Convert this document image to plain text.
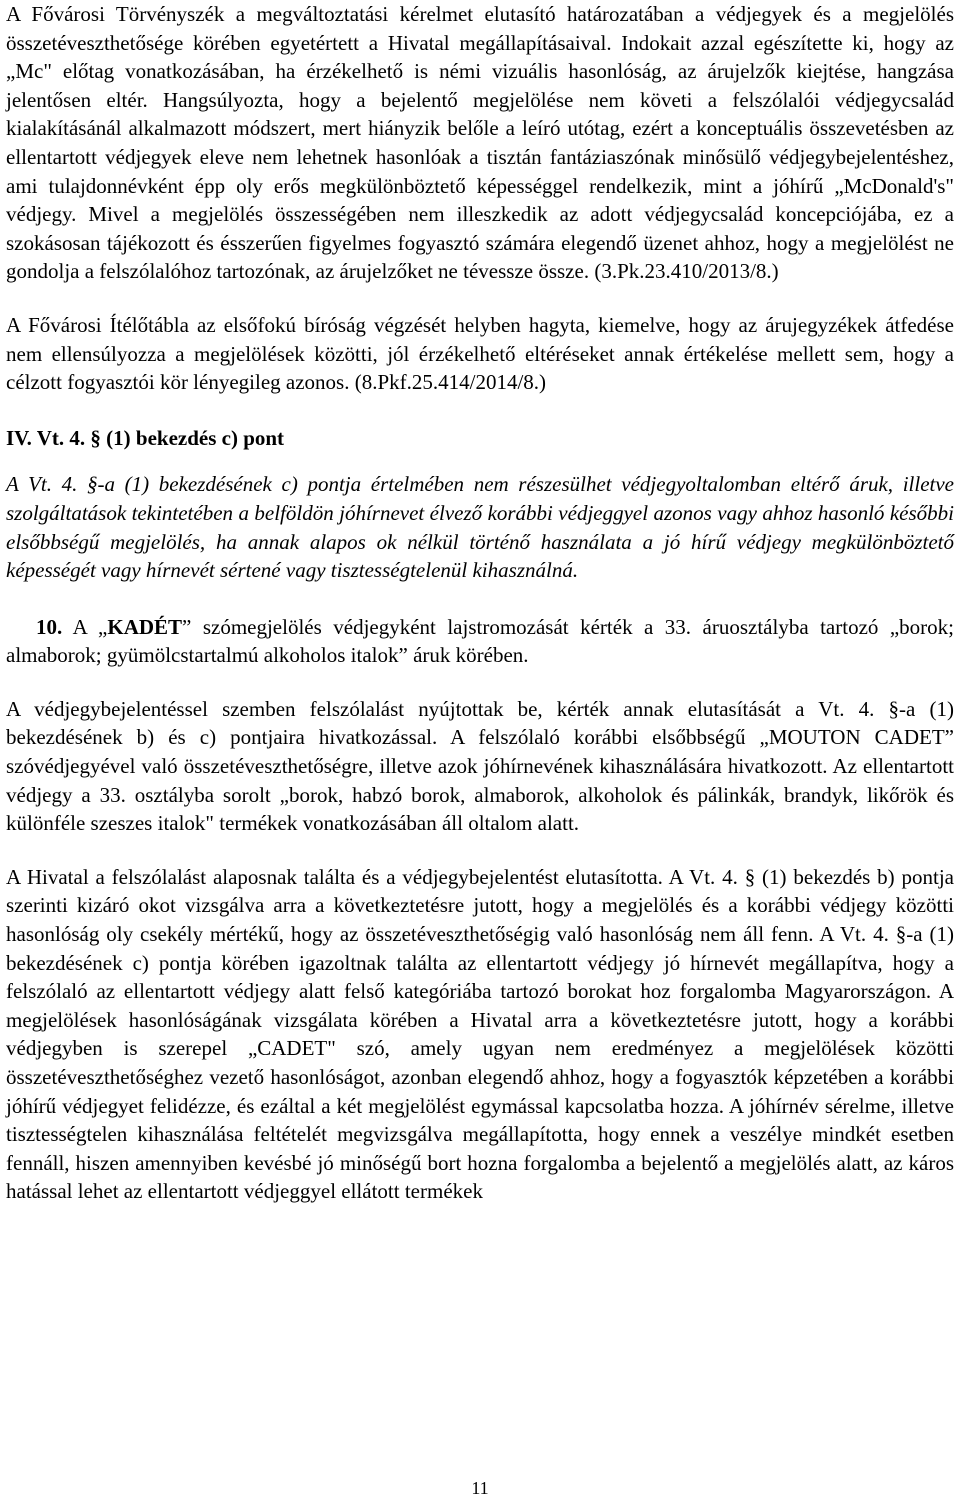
A Fővárosi Törvényszék a megváltoztatási kérelmet elutasító határozatában a védjegyek és a megjelölés összetéveszthetősége körében egyetértett a Hivatal megállapításaival. Indokait azzal egészítette ki, hogy az „Mc" előtag vonatkozásában, ha érzékelhető is némi vizuális hasonlóság, az árujelzők kiejtése, hangzása jelentősen eltér. Hangsúlyozta, hogy a bejelentő megjelölése nem követi a felszólalói védjegycsalád kialakításánál alkalmazott módszert, mert hiányzik belőle a leíró utótag, ezért a konceptuális összevetésben az ellentartott védjegyek eleve nem lehetnek hasonlóak a tisztán fantáziaszónak minősülő védjegybejelentéshez, ami tulajdonnévként épp oly erős megkülönböztető képességgel rendelkezik, mint a jóhírű „McDonald's" védjegy. Mivel a megjelölés összességében nem illeszkedik az adott védjegycsalád koncepciójába, ez a szokásosan tájékozott és ésszerűen figyelmes fogyasztó számára elegendő üzenet ahhoz, hogy a megjelölést ne gondolja a felszólalóhoz tartozónak, az árujelzőket ne tévessze össze. (3.Pk.23.410/2013/8.)

A Fővárosi Ítélőtábla az elsőfokú bíróság végzését helyben hagyta, kiemelve, hogy az árujegyzékek átfedése nem ellensúlyozza a megjelölések közötti, jól érzékelhető eltéréseket annak értékelése mellett sem, hogy a célzott fogyasztói kör lényegileg azonos. (8.Pkf.25.414/2014/8.)

IV. Vt. 4. § (1) bekezdés c) pont

A Vt. 4. §-a (1) bekezdésének c) pontja értelmében nem részesülhet védjegyoltalomban eltérő áruk, illetve szolgáltatások tekintetében a belföldön jóhírnevet élvező korábbi védjeggyel azonos vagy ahhoz hasonló későbbi elsőbbségű megjelölés, ha annak alapos ok nélkül történő használata a jó hírű védjegy megkülönböztető képességét vagy hírnevét sértené vagy tisztességtelenül kihasználná.

10. A „KADÉT” szómegjelölés védjegyként lajstromozását kérték a 33. áruosztályba tartozó „borok; almaborok; gyümölcstartalmú alkoholos italok” áruk körében.

A védjegybejelentéssel szemben felszólalást nyújtottak be, kérték annak elutasítását a Vt. 4. §-a (1) bekezdésének b) és c) pontjaira hivatkozással. A felszólaló korábbi elsőbbségű „MOUTON CADET” szóvédjegyével való összetéveszthetőségre, illetve azok jóhírnevének kihasználására hivatkozott. Az ellentartott védjegy a 33. osztályba sorolt „borok, habzó borok, almaborok, alkoholok és pálinkák, brandyk, likőrök és különféle szeszes italok" termékek vonatkozásában áll oltalom alatt.

A Hivatal a felszólalást alaposnak találta és a védjegybejelentést elutasította. A Vt. 4. § (1) bekezdés b) pontja szerinti kizáró okot vizsgálva arra a következtetésre jutott, hogy a megjelölés és a korábbi védjegy közötti hasonlóság oly csekély mértékű, hogy az összetéveszthetőségig való hasonlóság nem áll fenn. A Vt. 4. §-a (1) bekezdésének c) pontja körében igazoltnak találta az ellentartott védjegy jó hírnevét megállapítva, hogy a felszólaló az ellentartott védjegy alatt felső kategóriába tartozó borokat hoz forgalomba Magyarországon. A megjelölések hasonlóságának vizsgálata körében a Hivatal arra a következtetésre jutott, hogy a korábbi védjegyben is szerepel „CADET" szó, amely ugyan nem eredményez a megjelölések közötti összetéveszthetőséghez vezető hasonlóságot, azonban elegendő ahhoz, hogy a fogyasztók képzetében a korábbi jóhírű védjegyet felidézze, és ezáltal a két megjelölést egymással kapcsolatba hozza. A jóhírnév sérelme, illetve tisztességtelen kihasználása feltételét megvizsgálva megállapította, hogy ennek a veszélye mindkét esetben fennáll, hiszen amennyiben kevésbé jó minőségű bort hozna forgalomba a bejelentő a megjelölés alatt, az káros hatással lehet az ellentartott védjeggyel ellátott termékek

11
